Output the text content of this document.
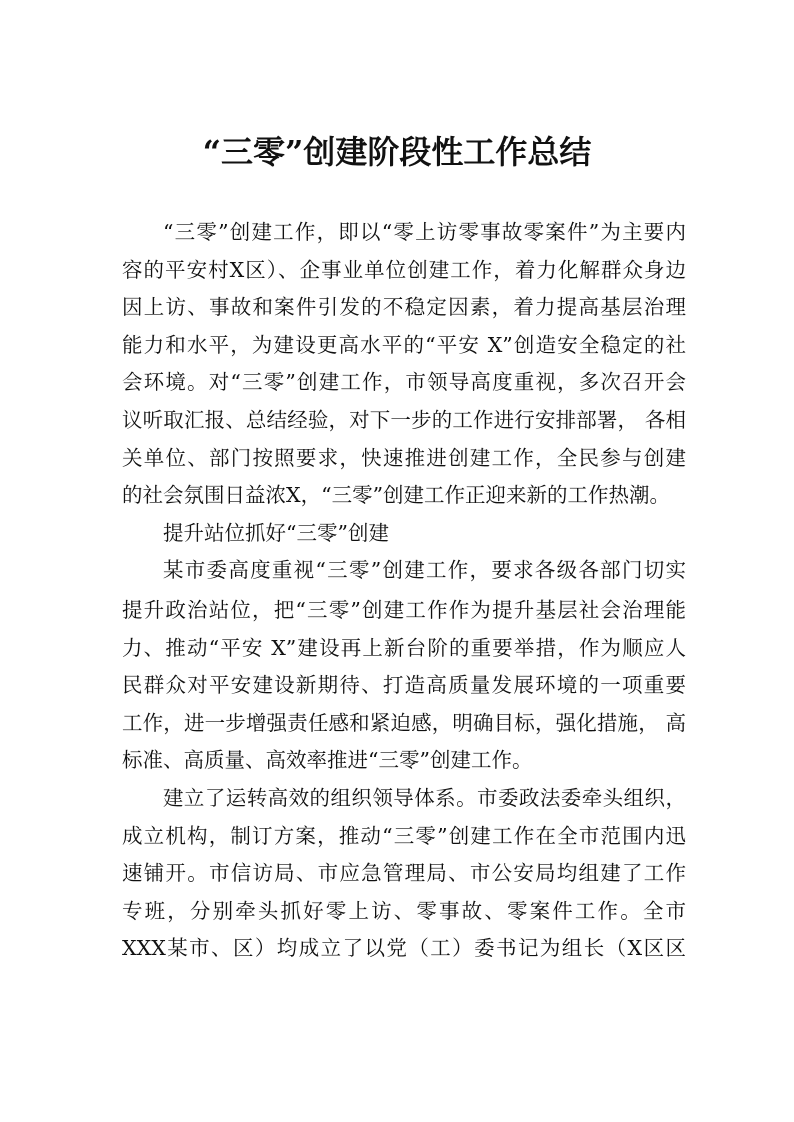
“三零”创建阶段性工作总结
“三零”创建工作，即以“零上访零事故零案件”为主要内
容的平安村X区）、企事业单位创建工作，着力化解群众身边
因上访、事故和案件引发的不稳定因素，着力提高基层治理
能力和水平，为建设更高水平的“平安 X”创造安全稳定的社
会环境。对“三零”创建工作，市领导高度重视，多次召开会
议听取汇报、总结经验，对下一步的工作进行安排部署， 各相
关单位、部门按照要求，快速推进创建工作，全民参与创建
的社会氛围日益浓X，“三零”创建工作正迎来新的工作热潮。
提升站位抓好“三零”创建
某市委高度重视“三零”创建工作，要求各级各部门切实
提升政治站位，把“三零”创建工作作为提升基层社会治理能
力、推动“平安 X”建设再上新台阶的重要举措，作为顺应人
民群众对平安建设新期待、打造高质量发展环境的一项重要
工作，进一步增强责任感和紧迫感，明确目标，强化措施， 高
标准、高质量、高效率推进“三零”创建工作。
建立了运转高效的组织领导体系。市委政法委牵头组织，
成立机构，制订方案，推动“三零”创建工作在全市范围内迅
速铺开。市信访局、市应急管理局、市公安局均组建了工作
专班，分别牵头抓好零上访、零事故、零案件工作。全市
XXX某市、区）均成立了以党（工）委书记为组长（X区区
